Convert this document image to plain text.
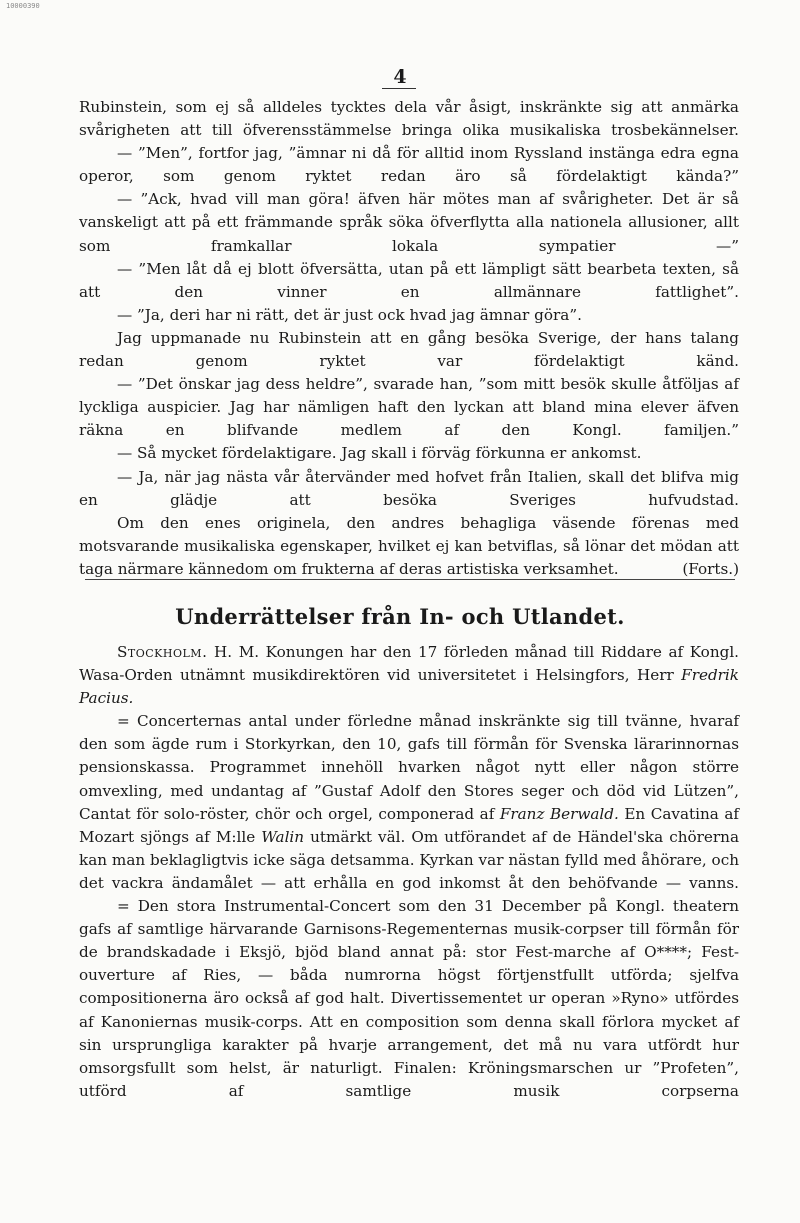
10000390
4

Rubinstein, som ej så alldeles tycktes dela vår åsigt, inskränkte sig att anmärka svårigheten att till öfverensstämmelse bringa olika musikaliska trosbekännelser.

— ”Men”, fortfor jag, ”ämnar ni då för alltid inom Ryssland instänga edra egna operor, som genom ryktet redan äro så fördelaktigt kända?”

— ”Ack, hvad vill man göra! äfven här mötes man af svårigheter. Det är så vanskeligt att på ett främmande språk söka öfverflytta alla nationela allusioner, allt som framkallar lokala sympatier —”

— ”Men låt då ej blott öfversätta, utan på ett lämpligt sätt bearbeta texten, så att den vinner en allmännare fattlighet”.

— ”Ja, deri har ni rätt, det är just ock hvad jag ämnar göra”.

Jag uppmanade nu Rubinstein att en gång besöka Sverige, der hans talang redan genom ryktet var fördelaktigt känd.

— ”Det önskar jag dess heldre”, svarade han, ”som mitt besök skulle åtföljas af lyckliga auspicier. Jag har nämligen haft den lyckan att bland mina elever äfven räkna en blifvande medlem af den Kongl. familjen.”

— Så mycket fördelaktigare. Jag skall i förväg förkunna er ankomst.

— Ja, när jag nästa vår återvänder med hofvet från Italien, skall det blifva mig en glädje att besöka Sveriges hufvudstad.

Om den enes originela, den andres behagliga väsende förenas med motsvarande musikaliska egenskaper, hvilket ej kan betviflas, så lönar det mödan att taga närmare kännedom om frukterna af deras artistiska verksamhet.	(Forts.)

Underrättelser från In- och Utlandet.

Stockholm. H. M. Konungen har den 17 förleden månad till Riddare af Kongl. Wasa-Orden utnämnt musikdirektören vid universitetet i Helsingfors, Herr Fredrik Pacius.

= Concerternas antal under förledne månad inskränkte sig till tvänne, hvaraf den som ägde rum i Storkyrkan, den 10, gafs till förmån för Svenska lärarinnornas pensionskassa. Programmet innehöll hvarken något nytt eller någon större omvexling, med undantag af ”Gustaf Adolf den Stores seger och död vid Lützen”, Cantat för solo-röster, chör och orgel, componerad af Franz Berwald. En Cavatina af Mozart sjöngs af M:lle Walin utmärkt väl. Om utförandet af de Händel'ska chörerna kan man beklagligtvis icke säga detsamma. Kyrkan var nästan fylld med åhörare, och det vackra ändamålet — att erhålla en god inkomst åt den behöfvande — vanns.

= Den stora Instrumental-Concert som den 31 December på Kongl. theatern gafs af samtlige härvarande Garnisons-Regementernas musik-corpser till förmån för de brandskadade i Eksjö, bjöd bland annat på: stor Fest-marche af O****; Fest-ouverture af Ries, — båda numrorna högst förtjenstfullt utförda; sjelfva compositionerna äro också af god halt. Divertissementet ur operan »Ryno» utfördes af Kanoniernas musik-corps. Att en composition som denna skall förlora mycket af sin ursprungliga karakter på hvarje arrangement, det må nu vara utfördt hur omsorgsfullt som helst, är naturligt. Finalen: Kröningsmarschen ur ”Profeten”, utförd af samtlige musik corpserna
